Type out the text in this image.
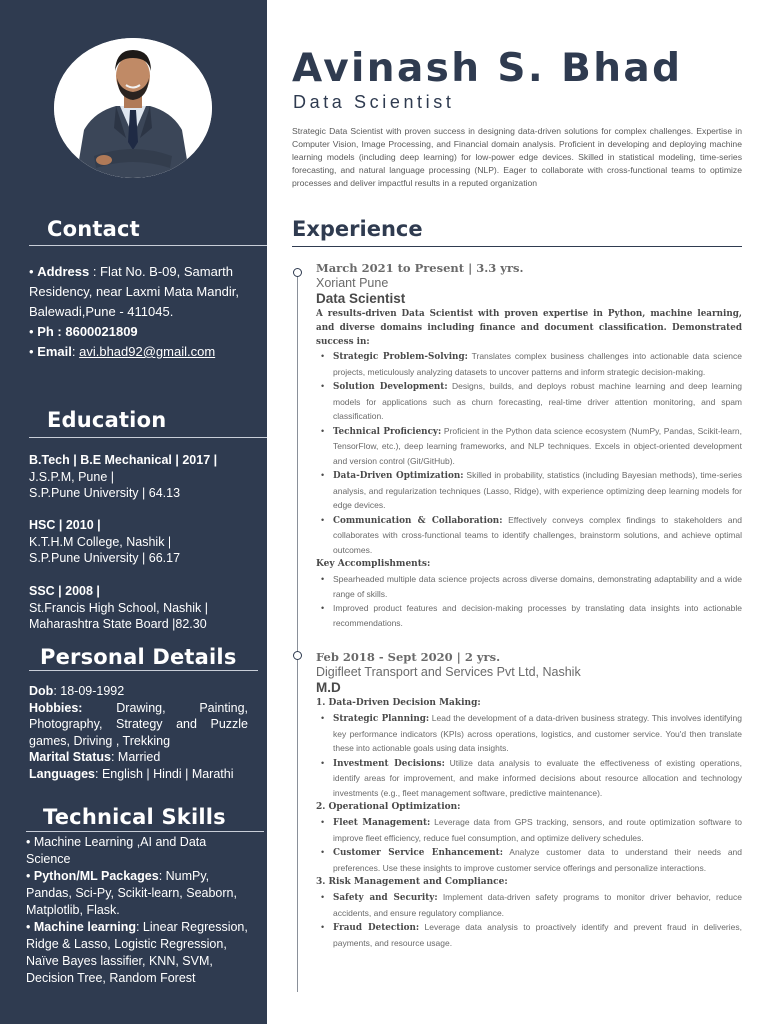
Contact

• Address : Flat No. B-09, Samarth Residency, near Laxmi Mata Mandir, Balewadi,Pune - 411045.

• Ph : 8600021809

• Email: avi.bhad92@gmail.com

Education
B.Tech | B.E Mechanical | 2017 |
J.S.P.M, Pune |
S.P.Pune University | 64.13
HSC | 2010 |
K.T.H.M College, Nashik |
S.P.Pune University | 66.17
SSC | 2008 |
St.Francis High School, Nashik |
Maharashtra State Board |82.30
Personal Details

Dob: 18-09-1992

Hobbies: Drawing, Painting, Photography, Strategy and Puzzle games, Driving , Trekking

Marital Status: Married

Languages: English | Hindi | Marathi

Technical Skills

• Machine Learning ,AI and Data Science

• Python/ML Packages: NumPy, Pandas, Sci-Py, Scikit-learn, Seaborn, Matplotlib, Flask.

• Machine learning: Linear Regression, Ridge & Lasso, Logistic Regression, Naïve Bayes lassifier, KNN, SVM, Decision Tree, Random Forest

Avinash S. Bhad
Data Scientist
Strategic Data Scientist with proven success in designing data-driven solutions for complex challenges. Expertise in Computer Vision, Image Processing, and Financial domain analysis. Proficient in developing and deploying machine learning models (including deep learning) for low-power edge devices. Skilled in statistical modeling, time-series forecasting, and natural language processing (NLP). Eager to collaborate with cross-functional teams to optimize processes and deliver impactful results in a reputed organization
Experience
March 2021 to Present | 3.3 yrs.
Xoriant Pune
Data Scientist
A results-driven Data Scientist with proven expertise in Python, machine learning, and diverse domains including finance and document classification. Demonstrated success in:
• Strategic Problem-Solving: Translates complex business challenges into actionable data science projects, meticulously analyzing datasets to uncover patterns and inform strategic decision-making.
• Solution Development: Designs, builds, and deploys robust machine learning and deep learning models for applications such as churn forecasting, real-time driver attention monitoring, and spam classification.
• Technical Proficiency: Proficient in the Python data science ecosystem (NumPy, Pandas, Scikit-learn, TensorFlow, etc.), deep learning frameworks, and NLP techniques. Excels in object-oriented development and version control (Git/GitHub).
• Data-Driven Optimization: Skilled in probability, statistics (including Bayesian methods), time-series analysis, and regularization techniques (Lasso, Ridge), with experience optimizing deep learning models for edge devices.
• Communication & Collaboration: Effectively conveys complex findings to stakeholders and collaborates with cross-functional teams to identify challenges, brainstorm solutions, and achieve optimal outcomes.
Key Accomplishments:
• Spearheaded multiple data science projects across diverse domains, demonstrating adaptability and a wide range of skills.
• Improved product features and decision-making processes by translating data insights into actionable recommendations.
Feb 2018 - Sept 2020 | 2 yrs.
Digifleet Transport and Services Pvt Ltd, Nashik
M.D
1. Data-Driven Decision Making:
• Strategic Planning: Lead the development of a data-driven business strategy. This involves identifying key performance indicators (KPIs) across operations, logistics, and customer service. You'd then translate these into actionable goals using data insights.
• Investment Decisions: Utilize data analysis to evaluate the effectiveness of existing operations, identify areas for improvement, and make informed decisions about resource allocation and technology investments (e.g., fleet management software, predictive maintenance).
2. Operational Optimization:
• Fleet Management: Leverage data from GPS tracking, sensors, and route optimization software to improve fleet efficiency, reduce fuel consumption, and optimize delivery schedules.
• Customer Service Enhancement: Analyze customer data to understand their needs and preferences. Use these insights to improve customer service offerings and personalize interactions.
3. Risk Management and Compliance:
• Safety and Security: Implement data-driven safety programs to monitor driver behavior, reduce accidents, and ensure regulatory compliance.
• Fraud Detection: Leverage data analysis to proactively identify and prevent fraud in deliveries, payments, and resource usage.
